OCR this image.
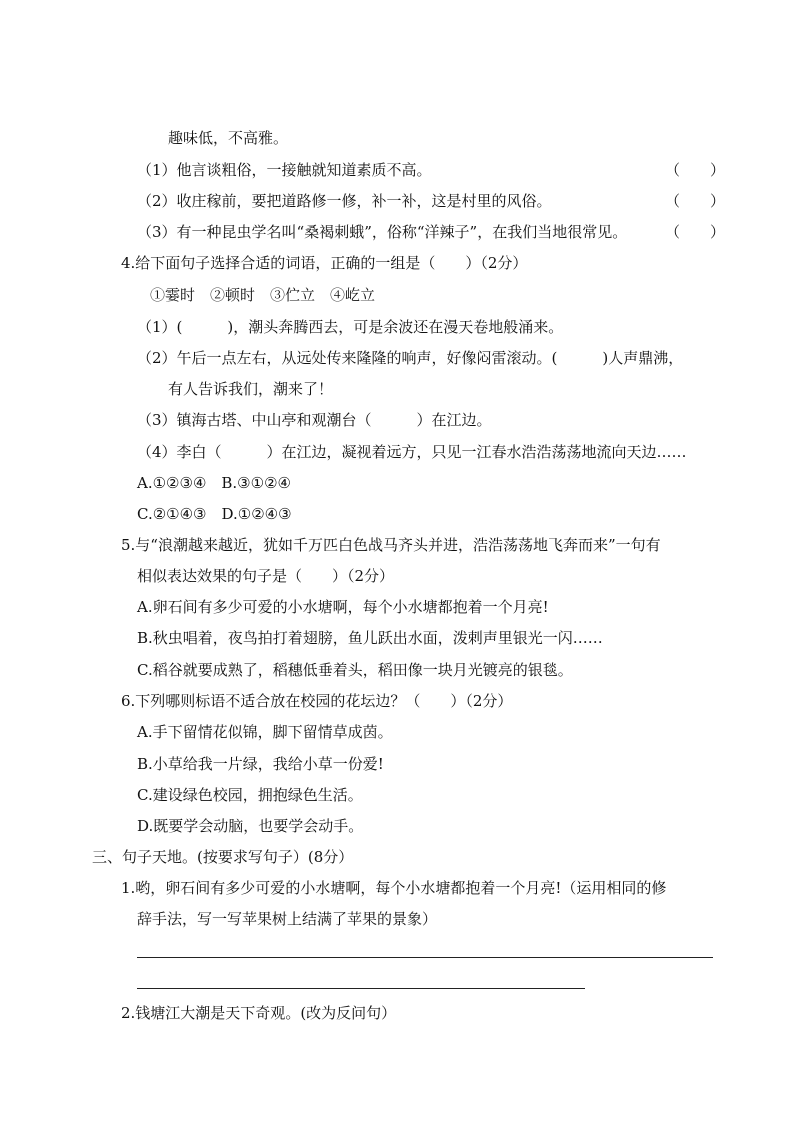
趣味低，不高雅。
（1）他言谈粗俗，一接触就知道素质不高。	（　　）
（2）收庄稼前，要把道路修一修，补一补，这是村里的风俗。	（　　）
（3）有一种昆虫学名叫“桑褐刺蛾”，俗称“洋辣子”，在我们当地很常见。	（　　）
4.给下面句子选择合适的词语，正确的一组是（　　）（2分）
①霎时　②顿时　③伫立　④屹立
（1）(　　　)，潮头奔腾西去，可是余波还在漫天卷地般涌来。
（2）午后一点左右，从远处传来隆隆的响声，好像闷雷滚动。(　　　)人声鼎沸，
有人告诉我们，潮来了！
（3）镇海古塔、中山亭和观潮台（　　　）在江边。
（4）李白（　　　）在江边，凝视着远方，只见一江春水浩浩荡荡地流向天边……
A.①②③④　B.③①②④
C.②①④③　D.①②④③
5.与“浪潮越来越近，犹如千万匹白色战马齐头并进，浩浩荡荡地飞奔而来”一句有
相似表达效果的句子是（　　）（2分）
A.卵石间有多少可爱的小水塘啊，每个小水塘都抱着一个月亮!
B.秋虫唱着，夜鸟拍打着翅膀，鱼儿跃出水面，泼剌声里银光一闪……
C.稻谷就要成熟了，稻穗低垂着头，稻田像一块月光镀亮的银毯。
6.下列哪则标语不适合放在校园的花坛边？（　　）（2分）
A.手下留情花似锦，脚下留情草成茵。
B.小草给我一片绿，我给小草一份爱!
C.建设绿色校园，拥抱绿色生活。
D.既要学会动脑，也要学会动手。
三、句子天地。(按要求写句子）(8分）
1.哟，卵石间有多少可爱的小水塘啊，每个小水塘都抱着一个月亮!（运用相同的修
辞手法，写一写苹果树上结满了苹果的景象）
2.钱塘江大潮是天下奇观。(改为反问句）
